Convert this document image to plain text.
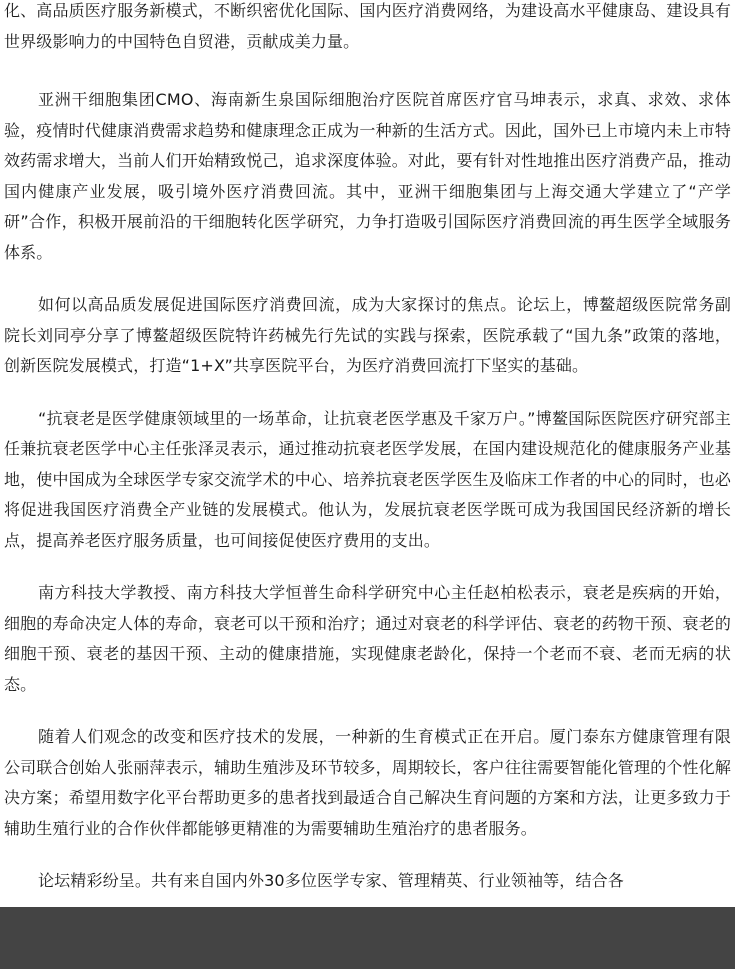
化、高品质医疗服务新模式，不断织密优化国际、国内医疗消费网络，为建设高水平健康岛、建设具有世界级影响力的中国特色自贸港，贡献成美力量。

亚洲干细胞集团CMO、海南新生泉国际细胞治疗医院首席医疗官马坤表示，求真、求效、求体验，疫情时代健康消费需求趋势和健康理念正成为一种新的生活方式。因此，国外已上市境内未上市特效药需求增大，当前人们开始精致悦己，追求深度体验。对此，要有针对性地推出医疗消费产品，推动国内健康产业发展，吸引境外医疗消费回流。其中，亚洲干细胞集团与上海交通大学建立了“产学研”合作，积极开展前沿的干细胞转化医学研究，力争打造吸引国际医疗消费回流的再生医学全域服务体系。

如何以高品质发展促进国际医疗消费回流，成为大家探讨的焦点。论坛上，博鳌超级医院常务副院长刘同亭分享了博鳌超级医院特许药械先行先试的实践与探索，医院承载了“国九条”政策的落地，创新医院发展模式，打造“1+X”共享医院平台，为医疗消费回流打下坚实的基础。

“抗衰老是医学健康领域里的一场革命，让抗衰老医学惠及千家万户。”博鳌国际医院医疗研究部主任兼抗衰老医学中心主任张泽灵表示，通过推动抗衰老医学发展，在国内建设规范化的健康服务产业基地，使中国成为全球医学专家交流学术的中心、培养抗衰老医学医生及临床工作者的中心的同时，也必将促进我国医疗消费全产业链的发展模式。他认为，发展抗衰老医学既可成为我国国民经济新的增长点，提高养老医疗服务质量，也可间接促使医疗费用的支出。

南方科技大学教授、南方科技大学恒普生命科学研究中心主任赵柏松表示，衰老是疾病的开始，细胞的寿命决定人体的寿命，衰老可以干预和治疗；通过对衰老的科学评估、衰老的药物干预、衰老的细胞干预、衰老的基因干预、主动的健康措施，实现健康老龄化，保持一个老而不衰、老而无病的状态。

随着人们观念的改变和医疗技术的发展，一种新的生育模式正在开启。厦门泰东方健康管理有限公司联合创始人张丽萍表示，辅助生殖涉及环节较多，周期较长，客户往往需要智能化管理的个性化解决方案；希望用数字化平台帮助更多的患者找到最适合自己解决生育问题的方案和方法，让更多致力于辅助生殖行业的合作伙伴都能够更精准的为需要辅助生殖治疗的患者服务。

论坛精彩纷呈。共有来自国内外30多位医学专家、管理精英、行业领袖等，结合各
